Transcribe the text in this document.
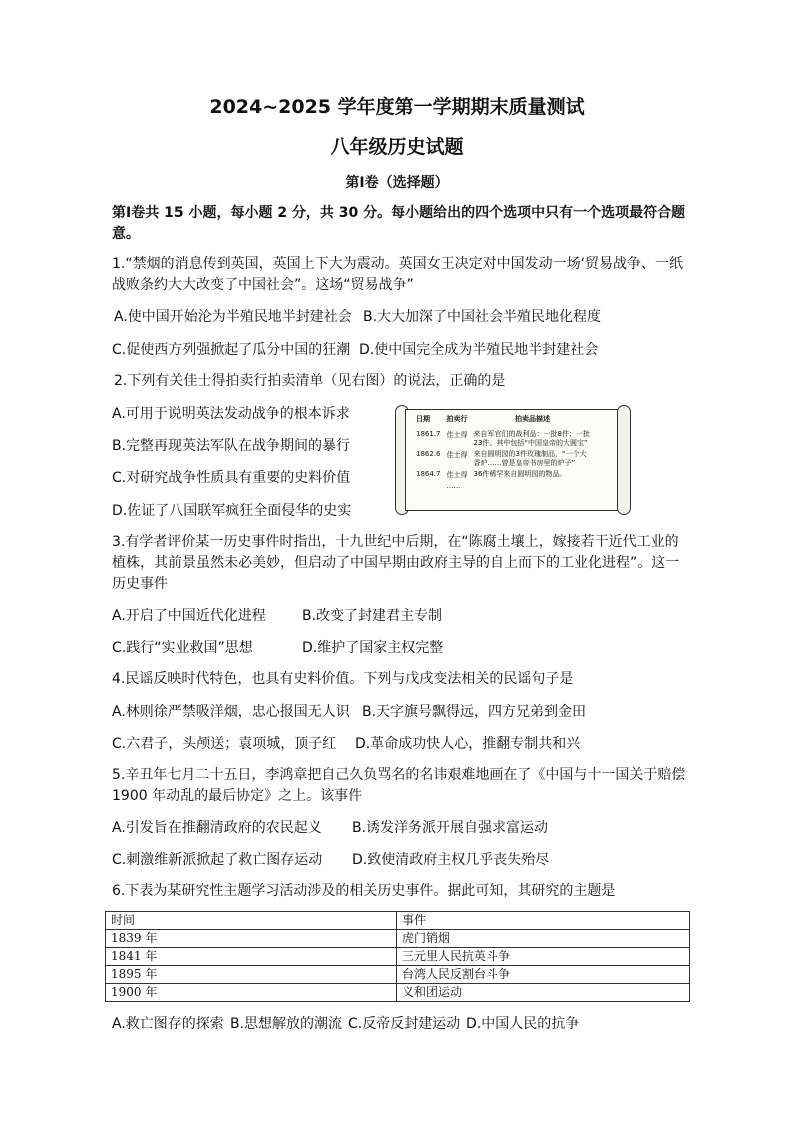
2024~2025 学年度第一学期期末质量测试
八年级历史试题
第Ⅰ卷（选择题）
第Ⅰ卷共 15 小题，每小题 2 分，共 30 分。每小题给出的四个选项中只有一个选项最符合题意。
1.“禁烟的消息传到英国，英国上下大为震动。英国女王决定对中国发动一场‘贸易战争、一纸战败条约大大改变了中国社会”。这场“贸易战争”
A.使中国开始沦为半殖民地半封建社会 B.大大加深了中国社会半殖民地化程度
C.促使西方列强掀起了瓜分中国的狂潮 D.使中国完全成为半殖民地半封建社会
2.下列有关佳士得拍卖行拍卖清单（见右图）的说法，正确的是
A.可用于说明英法发动战争的根本诉求
B.完整再现英法军队在战争期间的暴行
C.对研究战争性质具有重要的史料价值
D.佐证了八国联军疯狂全面侵华的史实
日期	拍卖行	拍卖品描述
1861.7	佳士得	来自军官们的战利品：一批8件；一批23件。其中包括“中国皇帝的大圆宝”
1862.6	佳士得	来自圆明园的3件玫瑰制品，“一个大香炉……曾是皇帝书房里的炉子”
1864.7	佳士得	36件稀罕来自圆明园的物品。
	……	
3.有学者评价某一历史事件时指出，十九世纪中后期，在“陈腐土壤上，嫁接若干近代工业的植株，其前景虽然未必美妙，但启动了中国早期由政府主导的自上而下的工业化进程”。这一历史事件
A.开启了中国近代化进程	B.改变了封建君主专制
C.践行“实业救国”思想	D.维护了国家主权完整
4.民谣反映时代特色，也具有史料价值。下列与戊戌变法相关的民谣句子是
A.林则徐严禁吸洋烟，忠心报国无人识 B.天字旗号飘得远，四方兄弟到金田
C.六君子，头颅送；袁项城，顶子红 D.革命成功快人心，推翻专制共和兴
5.辛丑年七月二十五日，李鸿章把自己久负骂名的名讳艰难地画在了《中国与十一国关于赔偿 1900 年动乱的最后协定》之上。该事件
A.引发旨在推翻清政府的农民起义 B.诱发洋务派开展自强求富运动
C.刺激维新派掀起了救亡图存运动 D.致使清政府主权几乎丧失殆尽
6.下表为某研究性主题学习活动涉及的相关历史事件。据此可知，其研究的主题是
时间	事件
1839 年	虎门销烟
1841 年	三元里人民抗英斗争
1895 年	台湾人民反割台斗争
1900 年	义和团运动
A.救亡图存的探索 B.思想解放的潮流 C.反帝反封建运动 D.中国人民的抗争
